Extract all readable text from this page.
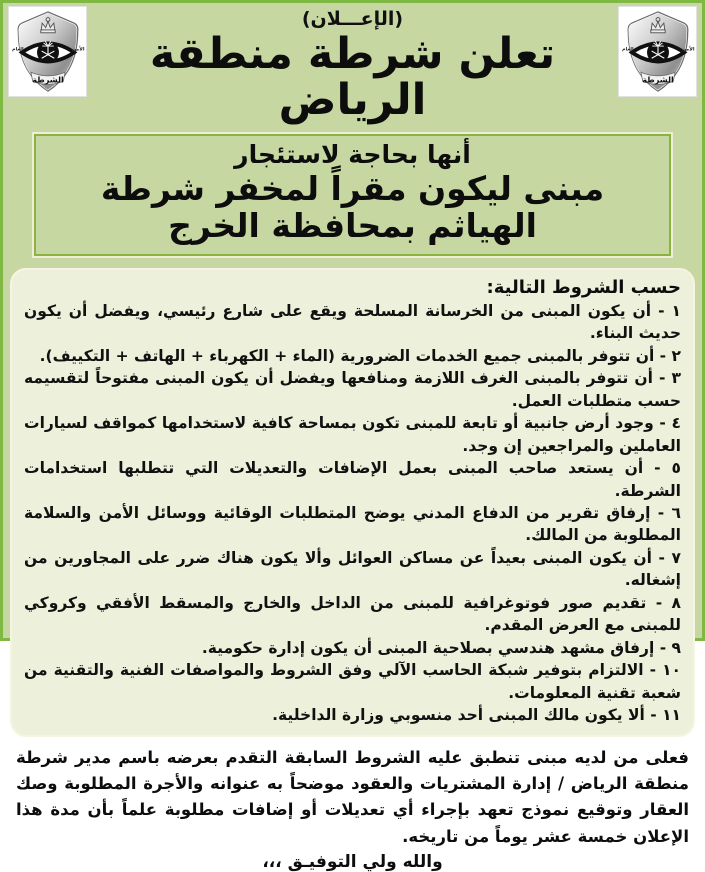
(الإعـــلان)
تعلن شرطة منطقة الرياض
أنها بحاجة لاستئجار
مبنى ليكون مقراً لمخفر شرطة الهياثم بمحافظة الخرج
حسب الشروط التالية:
١ - أن يكون المبنى من الخرسانة المسلحة ويقع على شارع رئيسي، ويفضل أن يكون حديث البناء.
٢ - أن تتوفر بالمبنى جميع الخدمات الضرورية (الماء + الكهرباء + الهاتف + التكييف).
٣ - أن تتوفر بالمبنى الغرف اللازمة ومنافعها ويفضل أن يكون المبنى مفتوحاً لتقسيمه حسب متطلبات العمل.
٤ - وجود أرض جانبية أو تابعة للمبنى تكون بمساحة كافية لاستخدامها كمواقف لسيارات العاملين والمراجعين إن وجد.
٥ - أن يستعد صاحب المبنى بعمل الإضافات والتعديلات التي تتطلبها استخدامات الشرطة.
٦ - إرفاق تقرير من الدفاع المدني يوضح المتطلبات الوقائية ووسائل الأمن والسلامة المطلوبة من المالك.
٧ - أن يكون المبنى بعيداً عن مساكن العوائل وألا يكون هناك ضرر على المجاورين من إشغاله.
٨ - تقديم صور فوتوغرافية للمبنى من الداخل والخارج والمسقط الأفقي وكروكي للمبنى مع العرض المقدم.
٩ - إرفاق مشهد هندسي بصلاحية المبنى أن يكون إدارة حكومية.
١٠ - الالتزام بتوفير شبكة الحاسب الآلي وفق الشروط والمواصفات الفنية والتقنية من شعبة تقنية المعلومات.
١١ - ألا يكون مالك المبنى أحد منسوبي وزارة الداخلية.

فعلى من لديه مبنى تنطبق عليه الشروط السابقة التقدم بعرضه باسم مدير شرطة منطقة الرياض / إدارة المشتريات والعقود موضحاً به عنوانه والأجرة المطلوبة وصك العقار وتوقيع نموذج تعهد بإجراء أي تعديلات أو إضافات مطلوبة علماً بأن مدة هذا الإعلان خمسة عشر يوماً من تاريخه.

والله ولي التوفيـق ،،،
